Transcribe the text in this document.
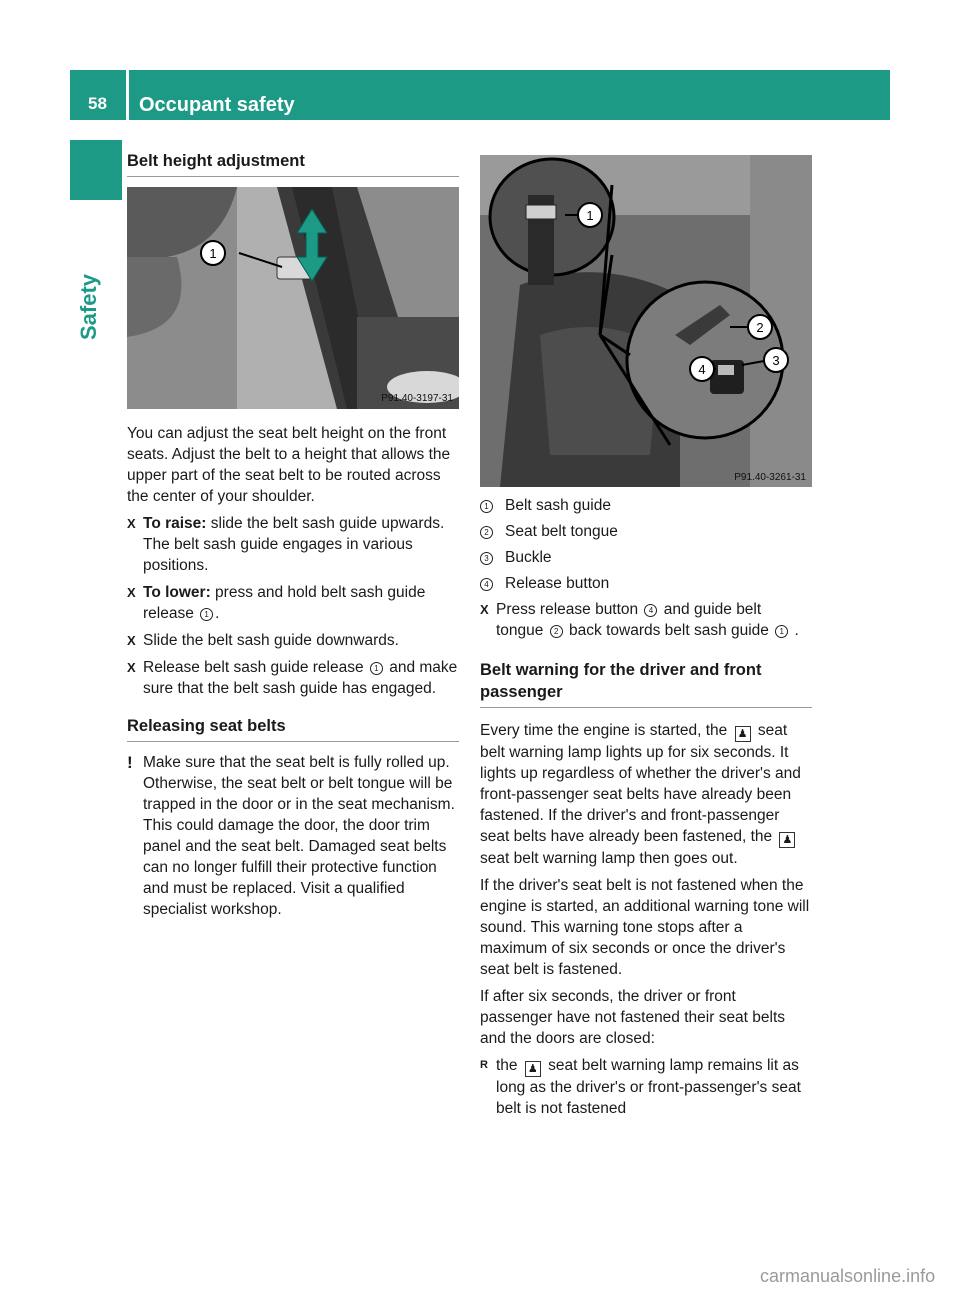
58	Occupant safety
Safety
Belt height adjustment
1
P91.40-3197-31

You can adjust the seat belt height on the front seats. Adjust the belt to a height that allows the upper part of the seat belt to be routed across the center of your shoulder.

X To raise: slide the belt sash guide upwards. The belt sash guide engages in various positions.
X To lower: press and hold belt sash guide release 1 .
X Slide the belt sash guide downwards.
X Release belt sash guide release 1 and make sure that the belt sash guide has engaged.
Releasing seat belts
! Make sure that the seat belt is fully rolled up. Otherwise, the seat belt or belt tongue will be trapped in the door or in the seat mechanism. This could damage the door, the door trim panel and the seat belt. Damaged seat belts can no longer fulfill their protective function and must be replaced. Visit a qualified specialist workshop.
1
2
3
4
P91.40-3261-31
1 Belt sash guide
2 Seat belt tongue
3 Buckle
4 Release button
X Press release button 4 and guide belt tongue 2 back towards belt sash guide 1 .
Belt warning for the driver and front passenger

Every time the engine is started, the ♟ seat belt warning lamp lights up for six seconds. It lights up regardless of whether the driver's and front-passenger seat belts have already been fastened. If the driver's and front-passenger seat belts have already been fastened, the ♟ seat belt warning lamp then goes out.

If the driver's seat belt is not fastened when the engine is started, an additional warning tone will sound. This warning tone stops after a maximum of six seconds or once the driver's seat belt is fastened.

If after six seconds, the driver or front passenger have not fastened their seat belts and the doors are closed:

R the ♟ seat belt warning lamp remains lit as long as the driver's or front-passenger's seat belt is not fastened
carmanualsonline.info
